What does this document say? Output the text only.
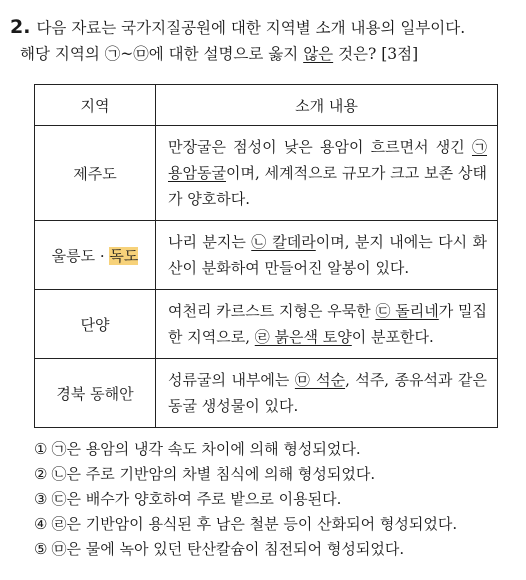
2. 다음 자료는 국가지질공원에 대한 지역별 소개 내용의 일부이다.
해당 지역의 ㉠~㉤에 대한 설명으로 옳지 않은 것은? [3점]
지역	소개 내용
제주도	만장굴은 점성이 낮은 용암이 흐르면서 생긴 ㉠ 용암동굴이며, 세계적으로 규모가 크고 보존 상태가 양호하다.
울릉도 · 독도	나리 분지는 ㉡ 칼데라이며, 분지 내에는 다시 화산이 분화하여 만들어진 알봉이 있다.
단양	여천리 카르스트 지형은 우묵한 ㉢ 돌리네가 밀집한 지역으로, ㉣ 붉은색 토양이 분포한다.
경북 동해안	성류굴의 내부에는 ㉤ 석순, 석주, 종유석과 같은 동굴 생성물이 있다.
① ㉠은 용암의 냉각 속도 차이에 의해 형성되었다.
② ㉡은 주로 기반암의 차별 침식에 의해 형성되었다.
③ ㉢은 배수가 양호하여 주로 밭으로 이용된다.
④ ㉣은 기반암이 용식된 후 남은 철분 등이 산화되어 형성되었다.
⑤ ㉤은 물에 녹아 있던 탄산칼슘이 침전되어 형성되었다.
